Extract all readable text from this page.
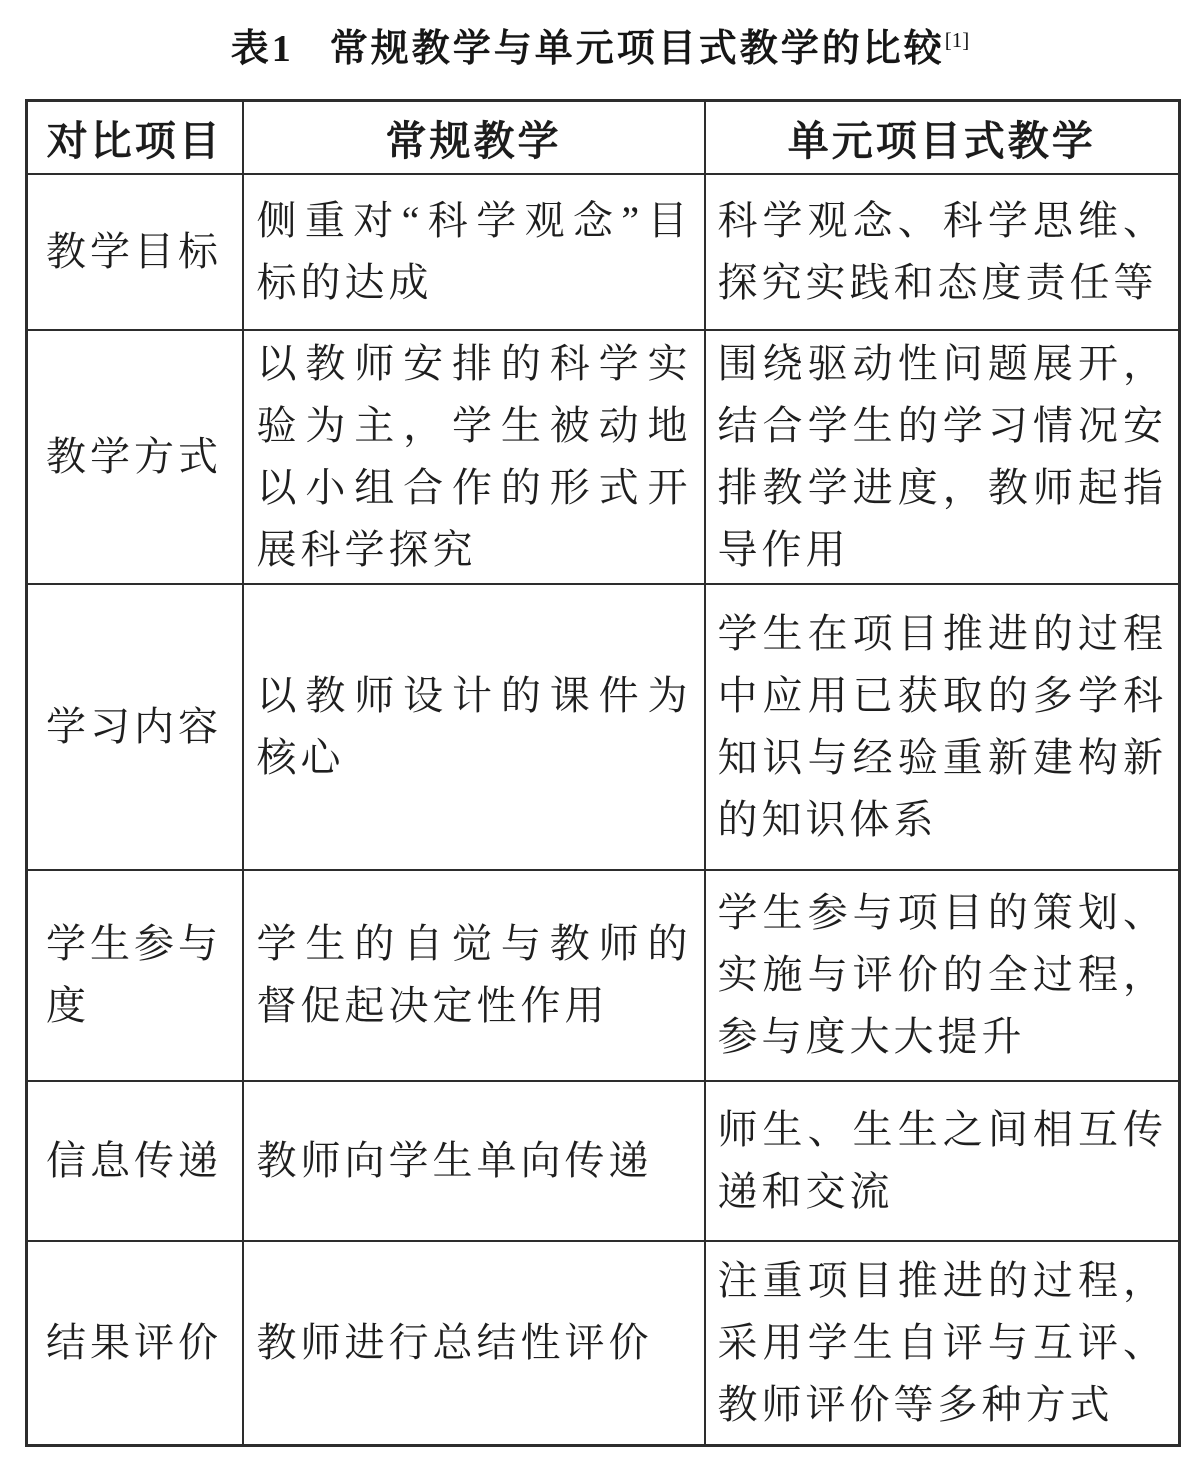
表1 常规教学与单元项目式教学的比较[1]
对比项目	常规教学	单元项目式教学
教学目标	侧重对“科学观念”目标的达成	科学观念、科学思维、探究实践和态度责任等
教学方式	以教师安排的科学实验为主，学生被动地以小组合作的形式开展科学探究	围绕驱动性问题展开，结合学生的学习情况安排教学进度，教师起指导作用
学习内容	以教师设计的课件为核心	学生在项目推进的过程中应用已获取的多学科知识与经验重新建构新的知识体系
学生参与度	学生的自觉与教师的督促起决定性作用	学生参与项目的策划、实施与评价的全过程，参与度大大提升
信息传递	教师向学生单向传递	师生、生生之间相互传递和交流
结果评价	教师进行总结性评价	注重项目推进的过程，采用学生自评与互评、教师评价等多种方式
